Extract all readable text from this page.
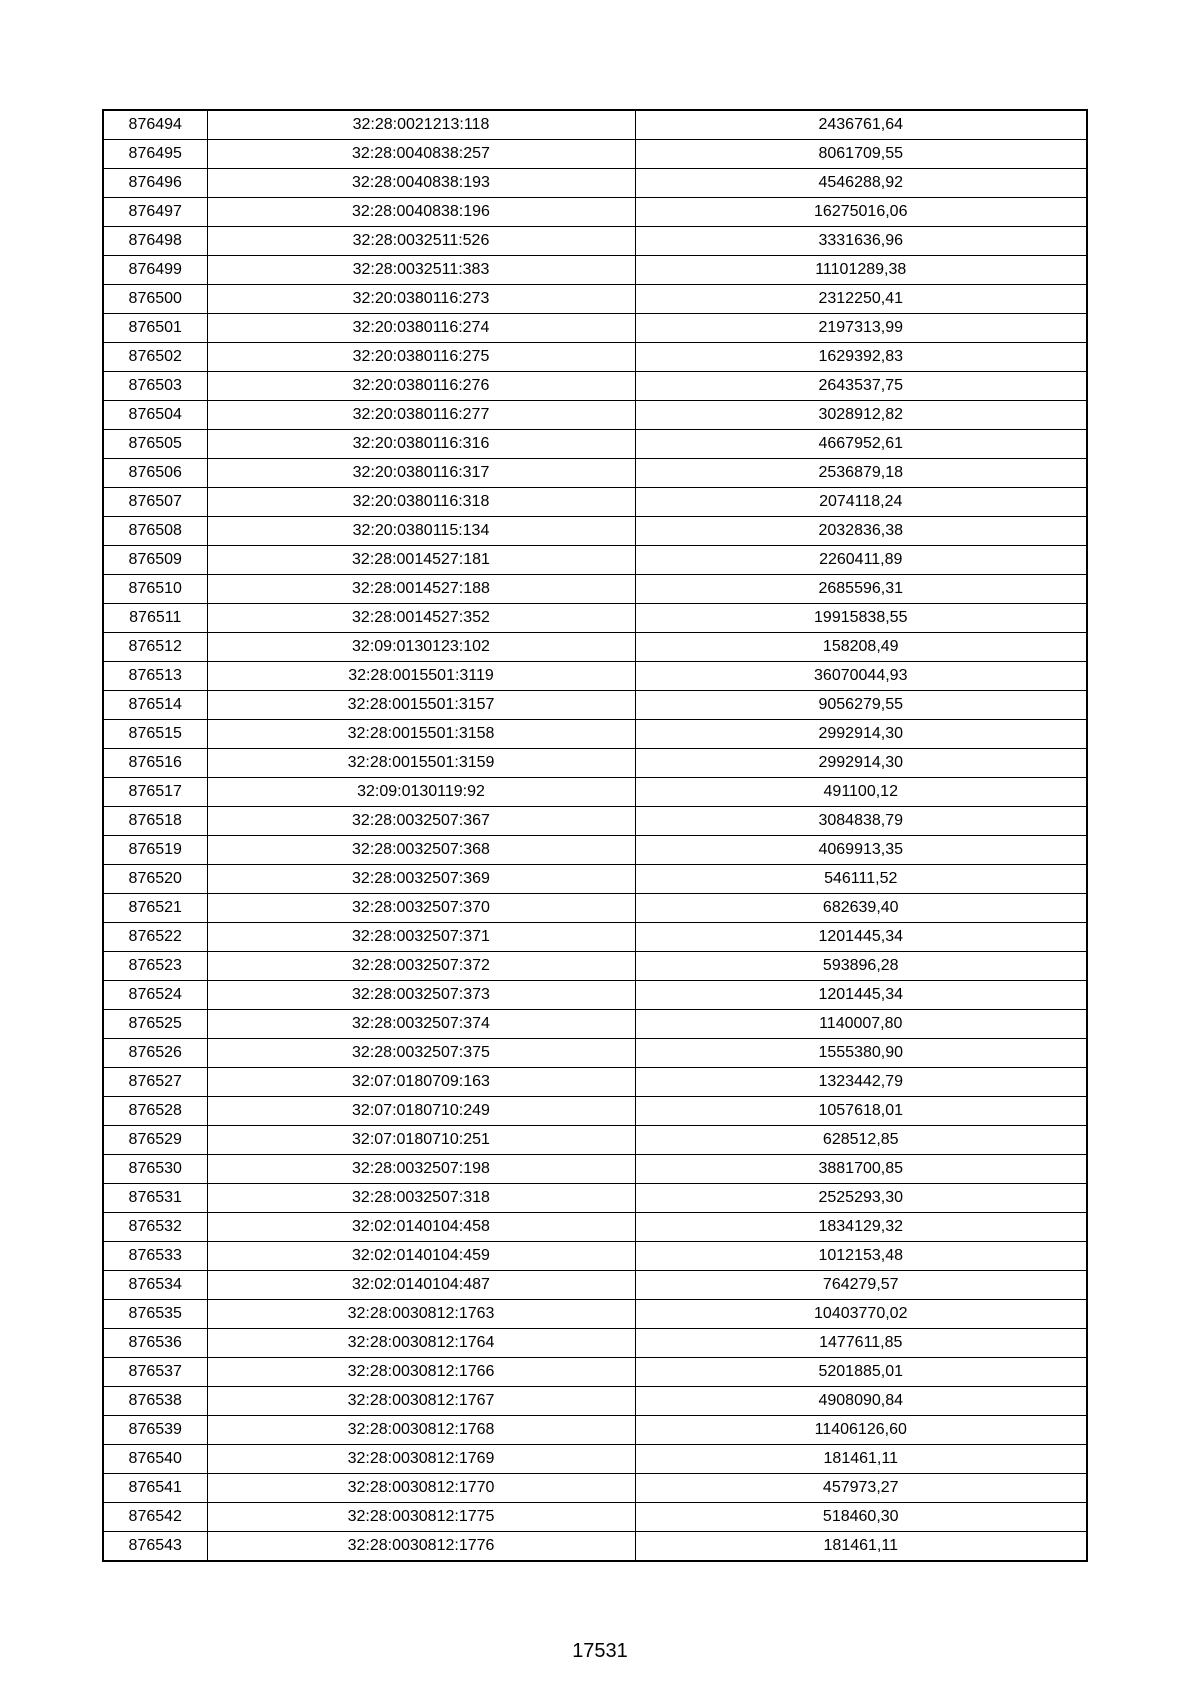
876494	32:28:0021213:118	2436761,64
876495	32:28:0040838:257	8061709,55
876496	32:28:0040838:193	4546288,92
876497	32:28:0040838:196	16275016,06
876498	32:28:0032511:526	3331636,96
876499	32:28:0032511:383	11101289,38
876500	32:20:0380116:273	2312250,41
876501	32:20:0380116:274	2197313,99
876502	32:20:0380116:275	1629392,83
876503	32:20:0380116:276	2643537,75
876504	32:20:0380116:277	3028912,82
876505	32:20:0380116:316	4667952,61
876506	32:20:0380116:317	2536879,18
876507	32:20:0380116:318	2074118,24
876508	32:20:0380115:134	2032836,38
876509	32:28:0014527:181	2260411,89
876510	32:28:0014527:188	2685596,31
876511	32:28:0014527:352	19915838,55
876512	32:09:0130123:102	158208,49
876513	32:28:0015501:3119	36070044,93
876514	32:28:0015501:3157	9056279,55
876515	32:28:0015501:3158	2992914,30
876516	32:28:0015501:3159	2992914,30
876517	32:09:0130119:92	491100,12
876518	32:28:0032507:367	3084838,79
876519	32:28:0032507:368	4069913,35
876520	32:28:0032507:369	546111,52
876521	32:28:0032507:370	682639,40
876522	32:28:0032507:371	1201445,34
876523	32:28:0032507:372	593896,28
876524	32:28:0032507:373	1201445,34
876525	32:28:0032507:374	1140007,80
876526	32:28:0032507:375	1555380,90
876527	32:07:0180709:163	1323442,79
876528	32:07:0180710:249	1057618,01
876529	32:07:0180710:251	628512,85
876530	32:28:0032507:198	3881700,85
876531	32:28:0032507:318	2525293,30
876532	32:02:0140104:458	1834129,32
876533	32:02:0140104:459	1012153,48
876534	32:02:0140104:487	764279,57
876535	32:28:0030812:1763	10403770,02
876536	32:28:0030812:1764	1477611,85
876537	32:28:0030812:1766	5201885,01
876538	32:28:0030812:1767	4908090,84
876539	32:28:0030812:1768	11406126,60
876540	32:28:0030812:1769	181461,11
876541	32:28:0030812:1770	457973,27
876542	32:28:0030812:1775	518460,30
876543	32:28:0030812:1776	181461,11
17531
